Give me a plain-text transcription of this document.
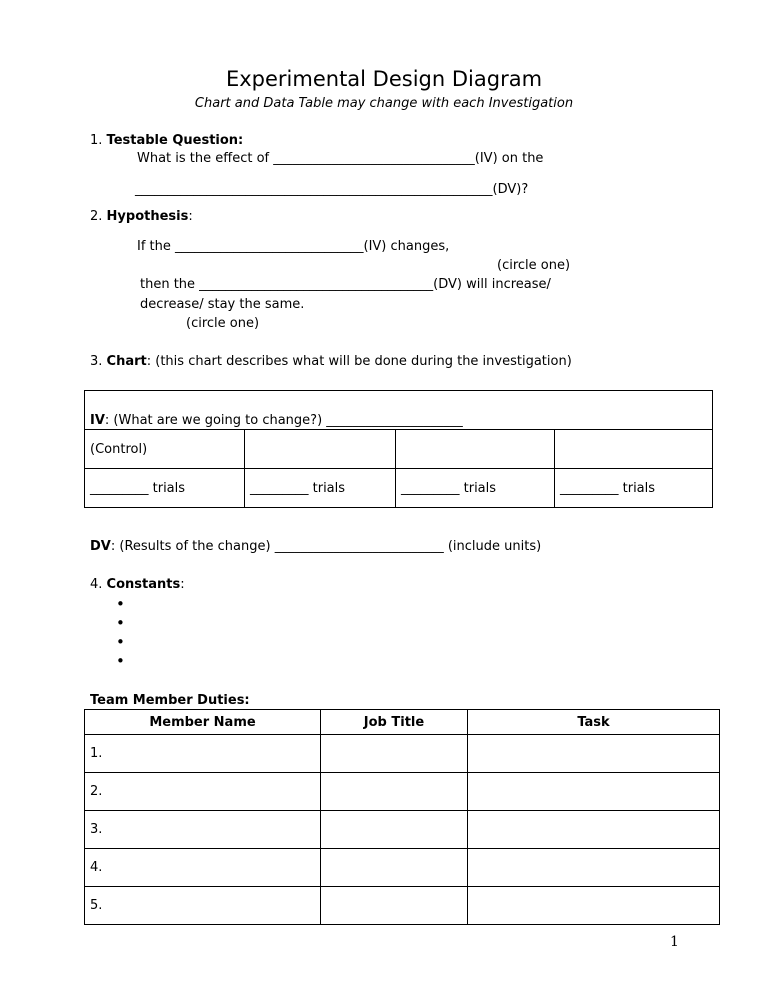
Experimental Design Diagram
Chart and Data Table may change with each Investigation
1. Testable Question:
What is the effect of _______________________________(IV) on the
_______________________________________________________(DV)?
2. Hypothesis:
If the _____________________________(IV) changes,
(circle one)
then the ____________________________________(DV) will increase/
decrease/ stay the same.
(circle one)
3. Chart: (this chart describes what will be done during the investigation)
IV: (What are we going to change?) _____________________			
(Control)			
_________ trials	_________ trials	_________ trials	_________ trials
DV: (Results of the change) __________________________ (include units)
4. Constants:
•
•
•
•
Team Member Duties:
Member Name	Job Title	Task
1.		
2.		
3.		
4.		
5.		
1
